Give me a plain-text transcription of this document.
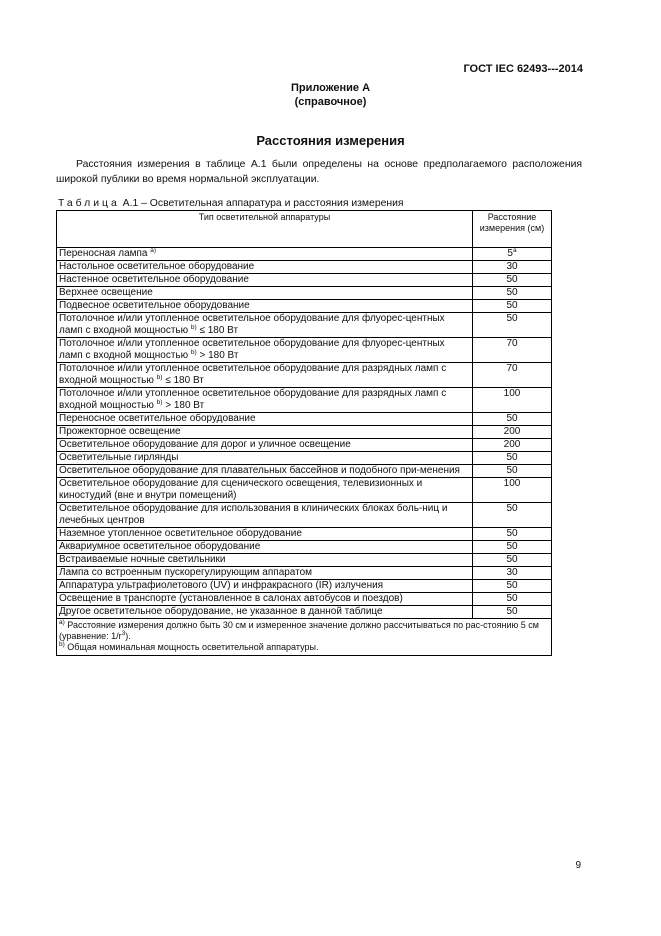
ГОСТ IEC 62493---2014
Приложение А
(справочное)
Расстояния измерения

Расстояния измерения в таблице А.1 были определены на основе предполагаемого расположения широкой публики во время нормальной эксплуатации.

Таблица А.1 – Осветительная аппаратура и расстояния измерения
Тип осветительной аппаратуры	Расстояние измерения (см)
Переносная лампа $^{a)}$	5$^a$
Настольное осветительное оборудование	30
Настенное осветительное оборудование	50
Верхнее освещение	50
Подвесное осветительное оборудование	50
Потолочное и/или утопленное осветительное оборудование для флуорес-центных ламп с входной мощностью $^{b)}$ ≤ 180 Вт	50
Потолочное и/или утопленное осветительное оборудование для флуорес-центных ламп с входной мощностью $^{b)}$ > 180 Вт	70
Потолочное и/или утопленное осветительное оборудование для разрядных ламп с входной мощностью $^{b)}$ ≤ 180 Вт	70
Потолочное и/или утопленное осветительное оборудование для разрядных ламп с входной мощностью $^{b)}$ > 180 Вт	100
Переносное осветительное оборудование	50
Прожекторное освещение	200
Осветительное оборудование для дорог и уличное освещение	200
Осветительные гирлянды	50
Осветительное оборудование для плавательных бассейнов и подобного при-менения	50
Осветительное оборудование для сценического освещения, телевизионных и киностудий (вне и внутри помещений)	100
Осветительное оборудование для использования в клинических блоках боль-ниц и лечебных центров	50
Наземное утопленное осветительное оборудование	50
Аквариумное осветительное оборудование	50
Встраиваемые ночные светильники	50
Лампа со встроенным пускорегулирующим аппаратом	30
Аппаратура ультрафиолетового (UV) и инфракрасного (IR) излучения	50
Освещение в транспорте (установленное в салонах автобусов и поездов)	50
Другое осветительное оборудование, не указанное в данной таблице	50

$^{a)}$ Расстояние измерения должно быть 30 см и измеренное значение должно рассчитываться по рас-стоянию 5 см (уравнение: $1/r^3$).
$^{b)}$ Общая номинальная мощность осветительной аппаратуры.	
9
